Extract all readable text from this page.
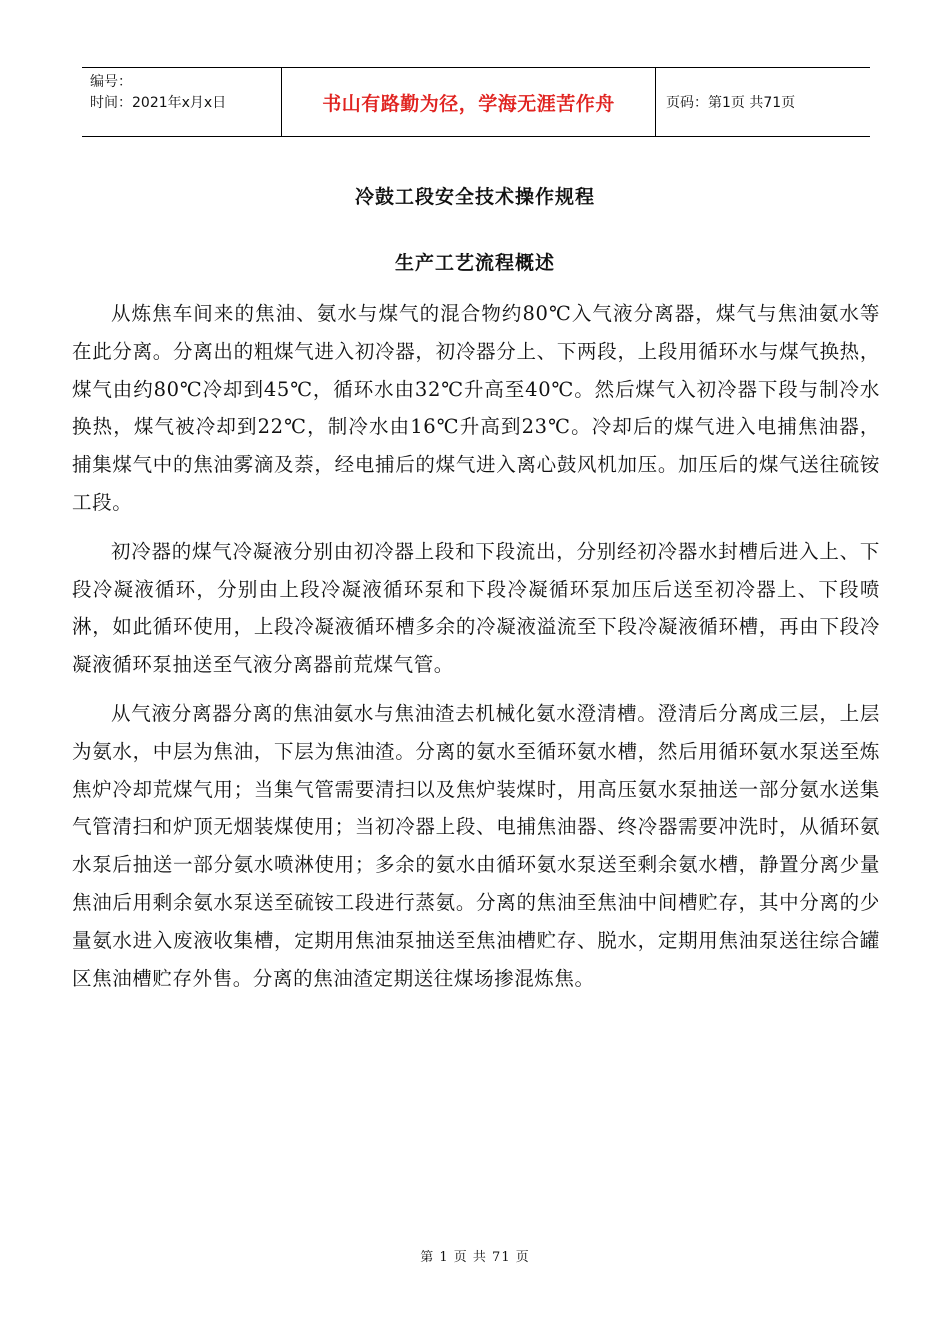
编号：
时间：2021年x月x日	书山有路勤为径，学海无涯苦作舟	页码：第1页 共71页
冷鼓工段安全技术操作规程
生产工艺流程概述

从炼焦车间来的焦油、氨水与煤气的混合物约80℃入气液分离器，煤气与焦油氨水等在此分离。分离出的粗煤气进入初冷器，初冷器分上、下两段，上段用循环水与煤气换热，煤气由约80℃冷却到45℃，循环水由32℃升高至40℃。然后煤气入初冷器下段与制冷水换热，煤气被冷却到22℃，制冷水由16℃升高到23℃。冷却后的煤气进入电捕焦油器，捕集煤气中的焦油雾滴及萘，经电捕后的煤气进入离心鼓风机加压。加压后的煤气送往硫铵工段。

初冷器的煤气冷凝液分别由初冷器上段和下段流出，分别经初冷器水封槽后进入上、下段冷凝液循环，分别由上段冷凝液循环泵和下段冷凝循环泵加压后送至初冷器上、下段喷淋，如此循环使用，上段冷凝液循环槽多余的冷凝液溢流至下段冷凝液循环槽，再由下段冷凝液循环泵抽送至气液分离器前荒煤气管。

从气液分离器分离的焦油氨水与焦油渣去机械化氨水澄清槽。澄清后分离成三层，上层为氨水，中层为焦油，下层为焦油渣。分离的氨水至循环氨水槽，然后用循环氨水泵送至炼焦炉冷却荒煤气用；当集气管需要清扫以及焦炉装煤时，用高压氨水泵抽送一部分氨水送集气管清扫和炉顶无烟装煤使用；当初冷器上段、电捕焦油器、终冷器需要冲洗时，从循环氨水泵后抽送一部分氨水喷淋使用；多余的氨水由循环氨水泵送至剩余氨水槽，静置分离少量焦油后用剩余氨水泵送至硫铵工段进行蒸氨。分离的焦油至焦油中间槽贮存，其中分离的少量氨水进入废液收集槽，定期用焦油泵抽送至焦油槽贮存、脱水，定期用焦油泵送往综合罐区焦油槽贮存外售。分离的焦油渣定期送往煤场掺混炼焦。

第 1 页 共 71 页
